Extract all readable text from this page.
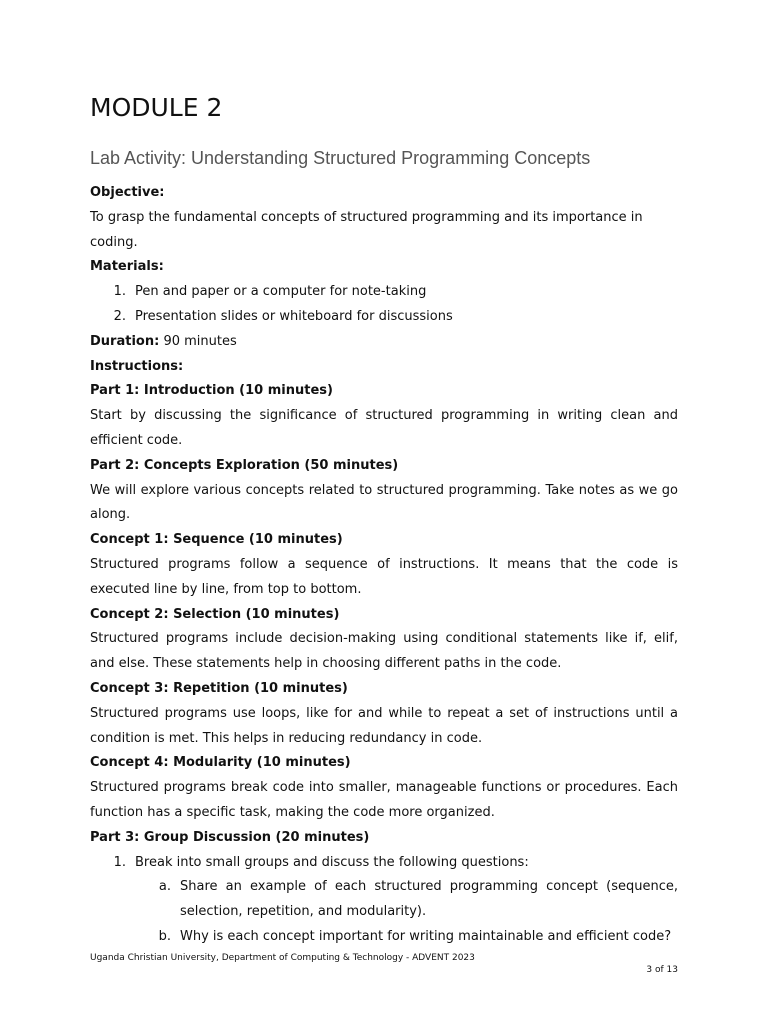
MODULE 2
Lab Activity: Understanding Structured Programming Concepts

Objective:

To grasp the fundamental concepts of structured programming and its importance in coding.

Materials:

1. Pen and paper or a computer for note-taking
2. Presentation slides or whiteboard for discussions

Duration: 90 minutes

Instructions:

Part 1: Introduction (10 minutes)

Start by discussing the significance of structured programming in writing clean and efficient code.

Part 2: Concepts Exploration (50 minutes)

We will explore various concepts related to structured programming. Take notes as we go along.

Concept 1: Sequence (10 minutes)

Structured programs follow a sequence of instructions. It means that the code is executed line by line, from top to bottom.

Concept 2: Selection (10 minutes)

Structured programs include decision-making using conditional statements like if, elif, and else. These statements help in choosing different paths in the code.

Concept 3: Repetition (10 minutes)

Structured programs use loops, like for and while to repeat a set of instructions until a condition is met. This helps in reducing redundancy in code.

Concept 4: Modularity (10 minutes)

Structured programs break code into smaller, manageable functions or procedures. Each function has a specific task, making the code more organized.

Part 3: Group Discussion (20 minutes)

1. Break into small groups and discuss the following questions:
a. Share an example of each structured programming concept (sequence, selection, repetition, and modularity).
b. Why is each concept important for writing maintainable and efficient code?
Uganda Christian University, Department of Computing & Technology - ADVENT 2023
3 of 13
